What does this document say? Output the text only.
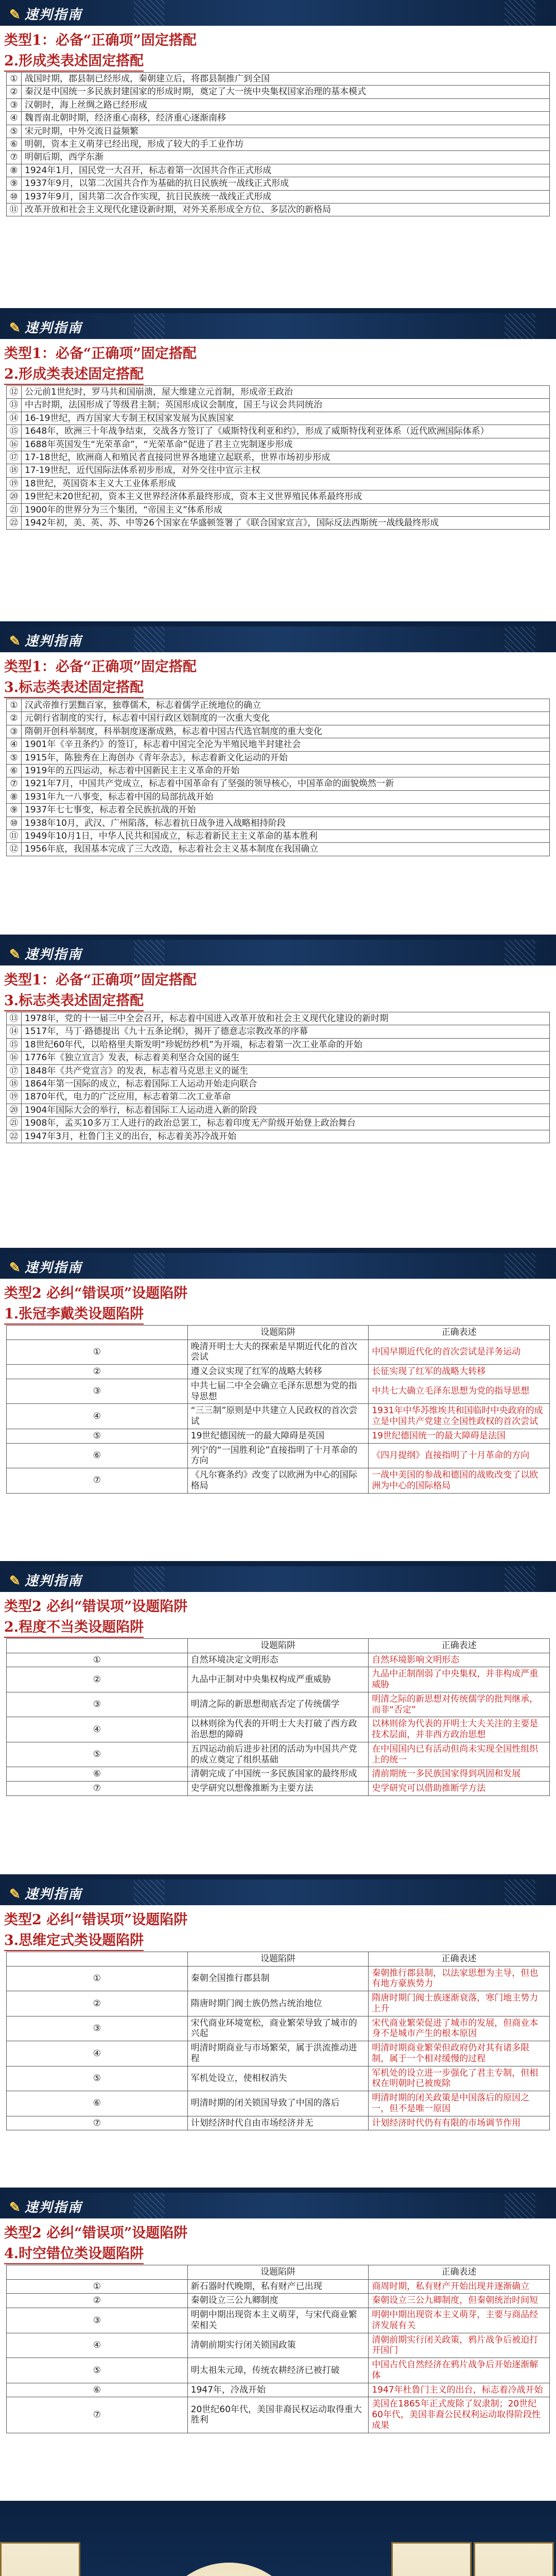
✎ 速判指南
类型1：必备“正确项”固定搭配
2.形成类表述固定搭配
①	战国时期，郡县制已经形成，秦朝建立后，将郡县制推广到全国
②	秦汉是中国统一多民族封建国家的形成时期，奠定了大一统中央集权国家治理的基本模式
③	汉朝时，海上丝绸之路已经形成
④	魏晋南北朝时期，经济重心南移，经济重心逐渐南移
⑤	宋元时期，中外交流日益频繁
⑥	明朝，资本主义萌芽已经出现，形成了较大的手工业作坊
⑦	明朝后期，西学东渐
⑧	1924年1月，国民党一大召开，标志着第一次国共合作正式形成
⑨	1937年9月，以第二次国共合作为基础的抗日民族统一战线正式形成
⑩	1937年9月，国共第二次合作实现，抗日民族统一战线正式形成
⑪	改革开放和社会主义现代化建设新时期，对外关系形成全方位、多层次的新格局
✎ 速判指南
类型1：必备“正确项”固定搭配
2.形成类表述固定搭配
⑫	公元前1世纪时，罗马共和国崩溃，屋大维建立元首制，形成帝王政治
⑬	中古时期，法国形成了等级君主制；英国形成议会制度，国王与议会共同统治
⑭	16-19世纪，西方国家大专制王权国家发展为民族国家
⑮	1648年，欧洲三十年战争结束，交战各方签订了《威斯特伐利亚和约》，形成了威斯特伐利亚体系（近代欧洲国际体系）
⑯	1688年英国发生“光荣革命”，“光荣革命”促进了君主立宪制逐步形成
⑰	17-18世纪，欧洲商人和殖民者直接同世界各地建立起联系，世界市场初步形成
⑱	17-19世纪，近代国际法体系初步形成，对外交往中宣示主权
⑲	18世纪，英国资本主义大工业体系形成
⑳	19世纪末20世纪初，资本主义世界经济体系最终形成，资本主义世界殖民体系最终形成
㉑	1900年的世界分为三个集团，“帝国主义”体系形成
㉒	1942年初，美、英、苏、中等26个国家在华盛顿签署了《联合国家宣言》，国际反法西斯统一战线最终形成
✎ 速判指南
类型1：必备“正确项”固定搭配
3.标志类表述固定搭配
①	汉武帝推行罢黜百家，独尊儒术，标志着儒学正统地位的确立
②	元朝行省制度的实行，标志着中国行政区划制度的一次重大变化
③	隋朝开创科举制度，科举制度逐渐成熟，标志着中国古代选官制度的重大变化
④	1901年《辛丑条约》的签订，标志着中国完全沦为半殖民地半封建社会
⑤	1915年，陈独秀在上海创办《青年杂志》，标志着新文化运动的开始
⑥	1919年的五四运动，标志着中国新民主主义革命的开始
⑦	1921年7月，中国共产党成立，标志着中国革命有了坚强的领导核心，中国革命的面貌焕然一新
⑧	1931年九一八事变，标志着中国的局部抗战开始
⑨	1937年七七事变，标志着全民族抗战的开始
⑩	1938年10月，武汉、广州陷落，标志着抗日战争进入战略相持阶段
⑪	1949年10月1日，中华人民共和国成立，标志着新民主主义革命的基本胜利
⑫	1956年底，我国基本完成了三大改造，标志着社会主义基本制度在我国确立
✎ 速判指南
类型1：必备“正确项”固定搭配
3.标志类表述固定搭配
⑬	1978年，党的十一届三中全会召开，标志着中国进入改革开放和社会主义现代化建设的新时期
⑭	1517年，马丁·路德提出《九十五条论纲》，揭开了德意志宗教改革的序幕
⑮	18世纪60年代，以哈格里夫斯发明“珍妮纺纱机”为开端，标志着第一次工业革命的开始
⑯	1776年《独立宣言》发表，标志着美利坚合众国的诞生
⑰	1848年《共产党宣言》的发表，标志着马克思主义的诞生
⑱	1864年第一国际的成立，标志着国际工人运动开始走向联合
⑲	1870年代，电力的广泛应用，标志着第二次工业革命
⑳	1904年国际大会的举行，标志着国际工人运动进入新的阶段
㉑	1908年，孟买10多万工人进行的政治总罢工，标志着印度无产阶级开始登上政治舞台
㉒	1947年3月，杜鲁门主义的出台，标志着美苏冷战开始
✎ 速判指南
类型2 必纠“错误项”设题陷阱
1.张冠李戴类设题陷阱
	设题陷阱	正确表述
①	晚清开明士大夫的探索是早期近代化的首次尝试	中国早期近代化的首次尝试是洋务运动
②	遵义会议实现了红军的战略大转移	长征实现了红军的战略大转移
③	中共七届二中全会确立毛泽东思想为党的指导思想	中共七大确立毛泽东思想为党的指导思想
④	“三三制”原则是中共建立人民政权的首次尝试	1931年中华苏维埃共和国临时中央政府的成立是中国共产党建立全国性政权的首次尝试
⑤	19世纪德国统一的最大障碍是英国	19世纪德国统一的最大障碍是法国
⑥	列宁的“一国胜利论”直接指明了十月革命的方向	《四月提纲》直接指明了十月革命的方向
⑦	《凡尔赛条约》改变了以欧洲为中心的国际格局	一战中美国的参战和德国的战败改变了以欧洲为中心的国际格局
✎ 速判指南
类型2 必纠“错误项”设题陷阱
2.程度不当类设题陷阱
	设题陷阱	正确表述
①	自然环境决定文明形态	自然环境影响文明形态
②	九品中正制对中央集权构成严重威胁	九品中正制削弱了中央集权，并非构成严重威胁
③	明清之际的新思想彻底否定了传统儒学	明清之际的新思想对传统儒学的批判继承，而非“否定”
④	以林则徐为代表的开明士大夫打破了西方政治思想的障碍	以林则徐为代表的开明士大夫关注的主要是技术层面，并非西方政治思想
⑤	五四运动前后进步社团的活动为中国共产党的成立奠定了组织基础	在中国国内已有活动但尚未实现全国性组织上的统一
⑥	清朝完成了中国统一多民族国家的最终形成	清前期统一多民族国家得到巩固和发展
⑦	史学研究以想像推断为主要方法	史学研究可以借助推断学方法
✎ 速判指南
类型2 必纠“错误项”设题陷阱
3.思维定式类设题陷阱
	设题陷阱	正确表述
①	秦朝全国推行郡县制	秦朝推行郡县制，以法家思想为主导，但也有地方豪族势力
②	隋唐时期门阀士族仍然占统治地位	隋唐时期门阀士族逐渐衰落，寒门地主势力上升
③	宋代商业环境宽松，商业繁荣导致了城市的兴起	宋代商业繁荣促进了城市的发展，但商业本身不是城市产生的根本原因
④	明清时期商业与市场繁荣，属于洪流推动进程	明清时期商业繁荣但政府仍对其有诸多限制，属于一个相对缓慢的过程
⑤	军机处设立，使相权消失	军机处的设立进一步强化了君主专制，但相权在明朝时已被废除
⑥	明清时期的闭关锁国导致了中国的落后	明清时期的闭关政策是中国落后的原因之一，但不是唯一原因
⑦	计划经济时代自由市场经济并无	计划经济时代仍有有限的市场调节作用
✎ 速判指南
类型2 必纠“错误项”设题陷阱
4.时空错位类设题陷阱
	设题陷阱	正确表述
①	新石器时代晚期，私有财产已出现	商周时期，私有财产开始出现并逐渐确立
②	秦朝设立三公九卿制度	秦朝设立三公九卿制度，但秦朝统治时间短
③	明朝中期出现资本主义萌芽，与宋代商业繁荣相关	明朝中期出现资本主义萌芽，主要与商品经济发展有关
④	清朝前期实行闭关锁国政策	清朝前期实行闭关政策，鸦片战争后被迫打开国门
⑤	明太祖朱元璋，传统农耕经济已被打破	中国古代自然经济在鸦片战争后开始逐渐解体
⑥	1947年，冷战开始	1947年杜鲁门主义的出台，标志着冷战开始
⑦	20世纪60年代，美国非裔民权运动取得重大胜利	美国在1865年正式废除了奴隶制；20世纪60年代，美国非裔公民权利运动取得阶段性成果
